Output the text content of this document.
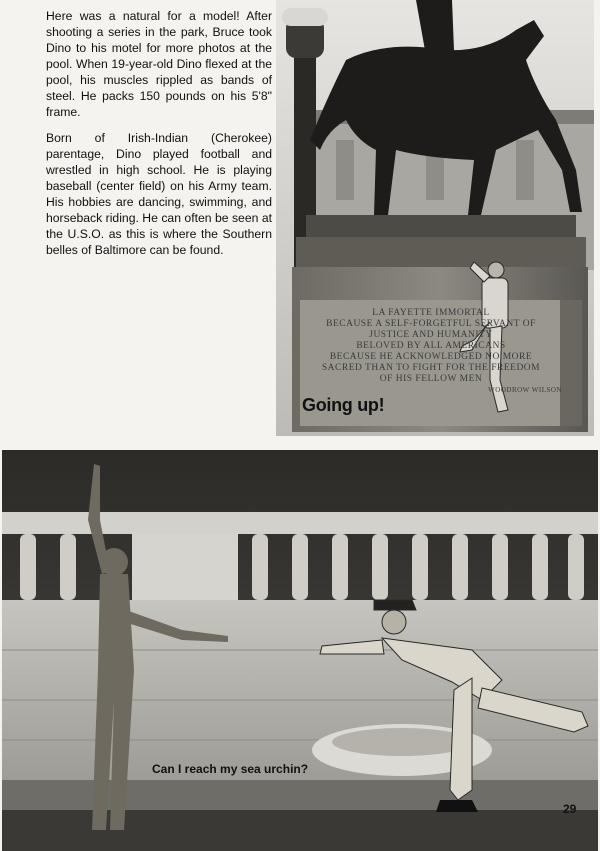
LA FAYETTE IMMORTAL
BECAUSE A SELF-FORGETFUL SERVANT OF
JUSTICE AND HUMANITY
BELOVED BY ALL AMERICANS
BECAUSE HE ACKNOWLEDGED NO MORE
SACRED THAN TO FIGHT FOR THE FREEDOM
OF HIS FELLOW MEN
WOODROW WILSON

Here was a natural for a model! After shooting a series in the park, Bruce took Dino to his motel for more photos at the pool. When 19-year-old Dino flexed at the pool, his muscles rippled as bands of steel. He packs 150 pounds on his 5'8" frame.

Born of Irish-Indian (Cherokee) parentage, Dino played football and wrestled in high school. He is playing baseball (center field) on his Army team. His hobbies are dancing, swimming, and horseback riding. He can often be seen at the U.S.O. as this is where the Southern belles of Baltimore can be found.

Going up!
Can I reach my sea urchin?
29
